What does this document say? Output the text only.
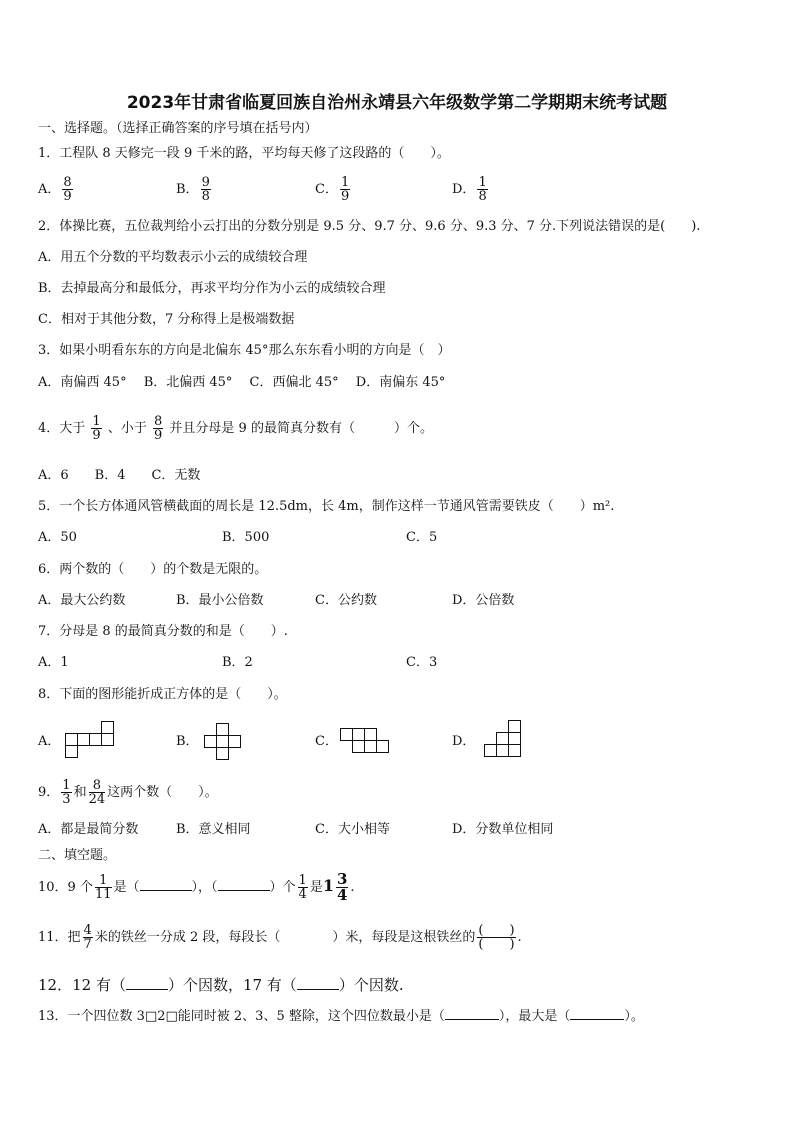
2023年甘肃省临夏回族自治州永靖县六年级数学第二学期期末统考试题
一、选择题。（选择正确答案的序号填在括号内）
1．工程队 8 天修完一段 9 千米的路，平均每天修了这段路的（　　）。
A． $\frac{8}{9}$	B． $\frac{9}{8}$	C． $\frac{1}{9}$	D． $\frac{1}{8}$
2．体操比赛，五位裁判给小云打出的分数分别是 9.5 分、9.7 分、9.6 分、9.3 分、7 分.下列说法错误的是(　　).
A．用五个分数的平均数表示小云的成绩较合理
B．去掉最高分和最低分，再求平均分作为小云的成绩较合理
C．相对于其他分数，7 分称得上是极端数据
3．如果小明看东东的方向是北偏东 45°那么东东看小明的方向是（　）
A．南偏西 45°　 B．北偏西 45°　 C．西偏北 45°　 D．南偏东 45°
4．大于 $\frac{1}{9}$ 、小于 $\frac{8}{9}$ 并且分母是 9 的最简真分数有（　　　）个。
A．6　　B．4　　C．无数
5．一个长方体通风管横截面的周长是 12.5dm，长 4m，制作这样一节通风管需要铁皮（　　）m².
A．50	B．500	C．5
6．两个数的（　　）的个数是无限的。
A．最大公约数	B．最小公倍数	C．公约数	D．公倍数
7．分母是 8 的最简真分数的和是（　　）.
A．1	B．2	C．3
8．下面的图形能折成正方体的是（　　）。
A．	B．	C．	D．
9． $\frac{1}{3}$ 和 $\frac{8}{24}$ 这两个数（　　）。
A．都是最简分数	B．意义相同	C．大小相等	D．分数单位相同
二、填空题。
10．9 个 $\frac{1}{11}$ 是（	），（	）个 $\frac{1}{4}$ 是$1 \frac{3}{4}$ .
11．把 $\frac{4}{7}$ 米的铁丝一分成 2 段，每段长（　　　　）米，每段是这根铁丝的 $\frac{( )}{( )}$ .
12．12 有（	）个因数，17 有（	）个因数.
13．一个四位数 3□2□能同时被 2、3、5 整除，这个四位数最小是（	），最大是（	）。
